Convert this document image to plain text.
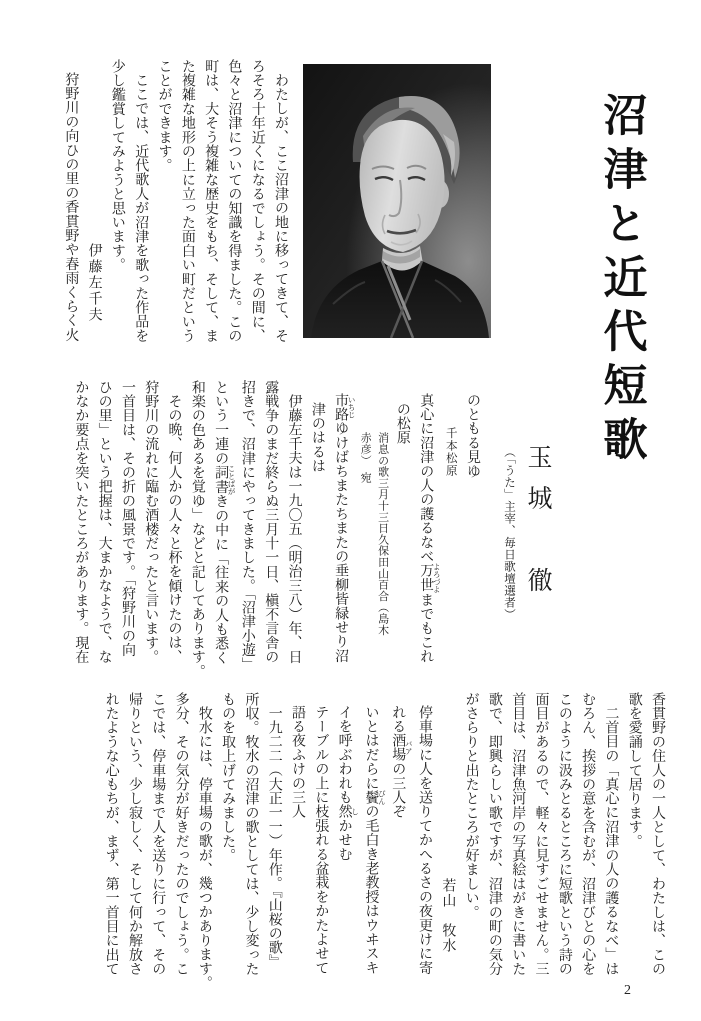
沼津と近代短歌

玉城　徹

（「うた」主宰、毎日歌壇選者）

わたしが、ここ沼津の地に移ってきて、そ

ろそろ十年近くになるでしょう。その間に、

色々と沼津についての知識を得ました。この

町は、大そう複雑な歴史をもち、そして、ま

た複雑な地形の上に立った面白い町だという

ことができます。

ここでは、近代歌人が沼津を歌った作品を

少し鑑賞してみようと思います。

伊藤左千夫

狩野川の向ひの里の香貫野や春雨くらく火

のともる見ゆ

千本松原

真心に沼津の人の護るなべ万世 よろづよまでもこれ

の松原

消息の歌三月十三日久保田山百合（島木

赤彦）　宛

市路 いちじゆけばちまたちまたの垂柳皆緑せり沼

津のはるは

伊藤左千夫は一九〇五（明治三八）年、日

露戦争のまだ終らぬ三月十一日、槇不言舎の

招きで、沼津にやってきました。「沼津小遊」

という一連の詞書 ことばがきの中に「往来の人も悉く

和楽の色あるを覚ゆ」などと記してあります。

その晩、何人かの人々と杯を傾けたのは、

狩野川の流れに臨む酒楼だったと言います。

一首目は、その折の風景です。「狩野川の向

ひの里」という把握は、大まかなようで、な

かなか要点を突いたところがあります。現在

香貫野の住人の一人として、わたしは、この

歌を愛誦して居ります。

二首目の「真心に沼津の人の護るなべ」は

むろん、挨拶の意を含むが、沼津びとの心を

このように汲みとるところに短歌という詩の

面目があるので、軽々に見すごせません。三

首目は、沼津魚河岸の写真絵はがきに書いた

歌で、即興らしい歌ですが、沼津の町の気分

がさらりと出たところが好ましい。

若山　牧水

停車場に人を送りてかへるさの夜更けに寄

れる酒場 バアの三人ぞ

いとはだらに鬢 びんの毛白き老教授はウヰスキ

イを呼ぶわれも然 しかせむ

テーブルの上に枝張れる盆栽をかたよせて

語る夜ふけの三人

一九二二（大正一一）年作。『山桜の歌』

所収。牧水の沼津の歌としては、少し変った

ものを取上げてみました。

牧水には、停車場の歌が、幾つかあります。

多分、その気分が好きだったのでしょう。こ

こでは、停車場まで人を送りに行って、その

帰りという、少し寂しく、そして何か解放さ

れたような心もちが、まず、第一首目に出て

2
